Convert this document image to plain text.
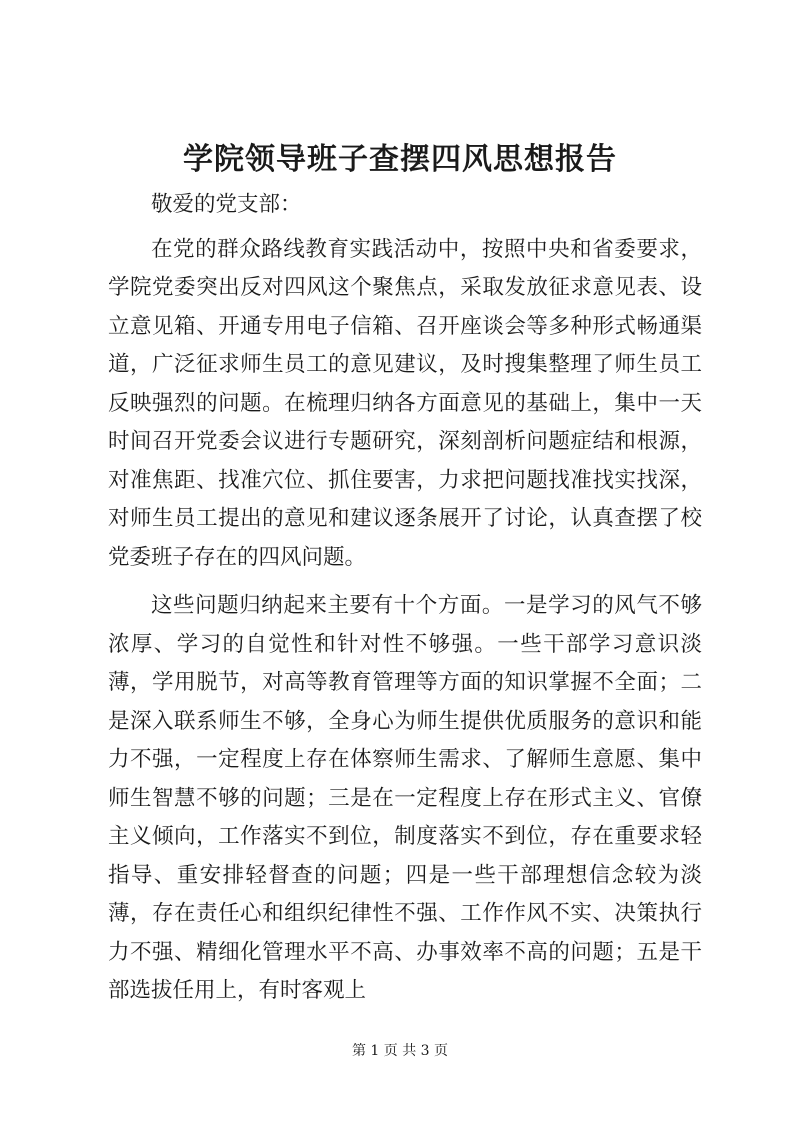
学院领导班子查摆四风思想报告

敬爱的党支部：

在党的群众路线教育实践活动中，按照中央和省委要求，学院党委突出反对四风这个聚焦点，采取发放征求意见表、设立意见箱、开通专用电子信箱、召开座谈会等多种形式畅通渠道，广泛征求师生员工的意见建议，及时搜集整理了师生员工反映强烈的问题。在梳理归纳各方面意见的基础上，集中一天时间召开党委会议进行专题研究，深刻剖析问题症结和根源，对准焦距、找准穴位、抓住要害，力求把问题找准找实找深，对师生员工提出的意见和建议逐条展开了讨论，认真查摆了校党委班子存在的四风问题。

这些问题归纳起来主要有十个方面。一是学习的风气不够浓厚、学习的自觉性和针对性不够强。一些干部学习意识淡薄，学用脱节，对高等教育管理等方面的知识掌握不全面；二是深入联系师生不够，全身心为师生提供优质服务的意识和能力不强，一定程度上存在体察师生需求、了解师生意愿、集中师生智慧不够的问题；三是在一定程度上存在形式主义、官僚主义倾向，工作落实不到位，制度落实不到位，存在重要求轻指导、重安排轻督查的问题；四是一些干部理想信念较为淡薄，存在责任心和组织纪律性不强、工作作风不实、决策执行力不强、精细化管理水平不高、办事效率不高的问题；五是干部选拔任用上，有时客观上

第 1 页 共 3 页
